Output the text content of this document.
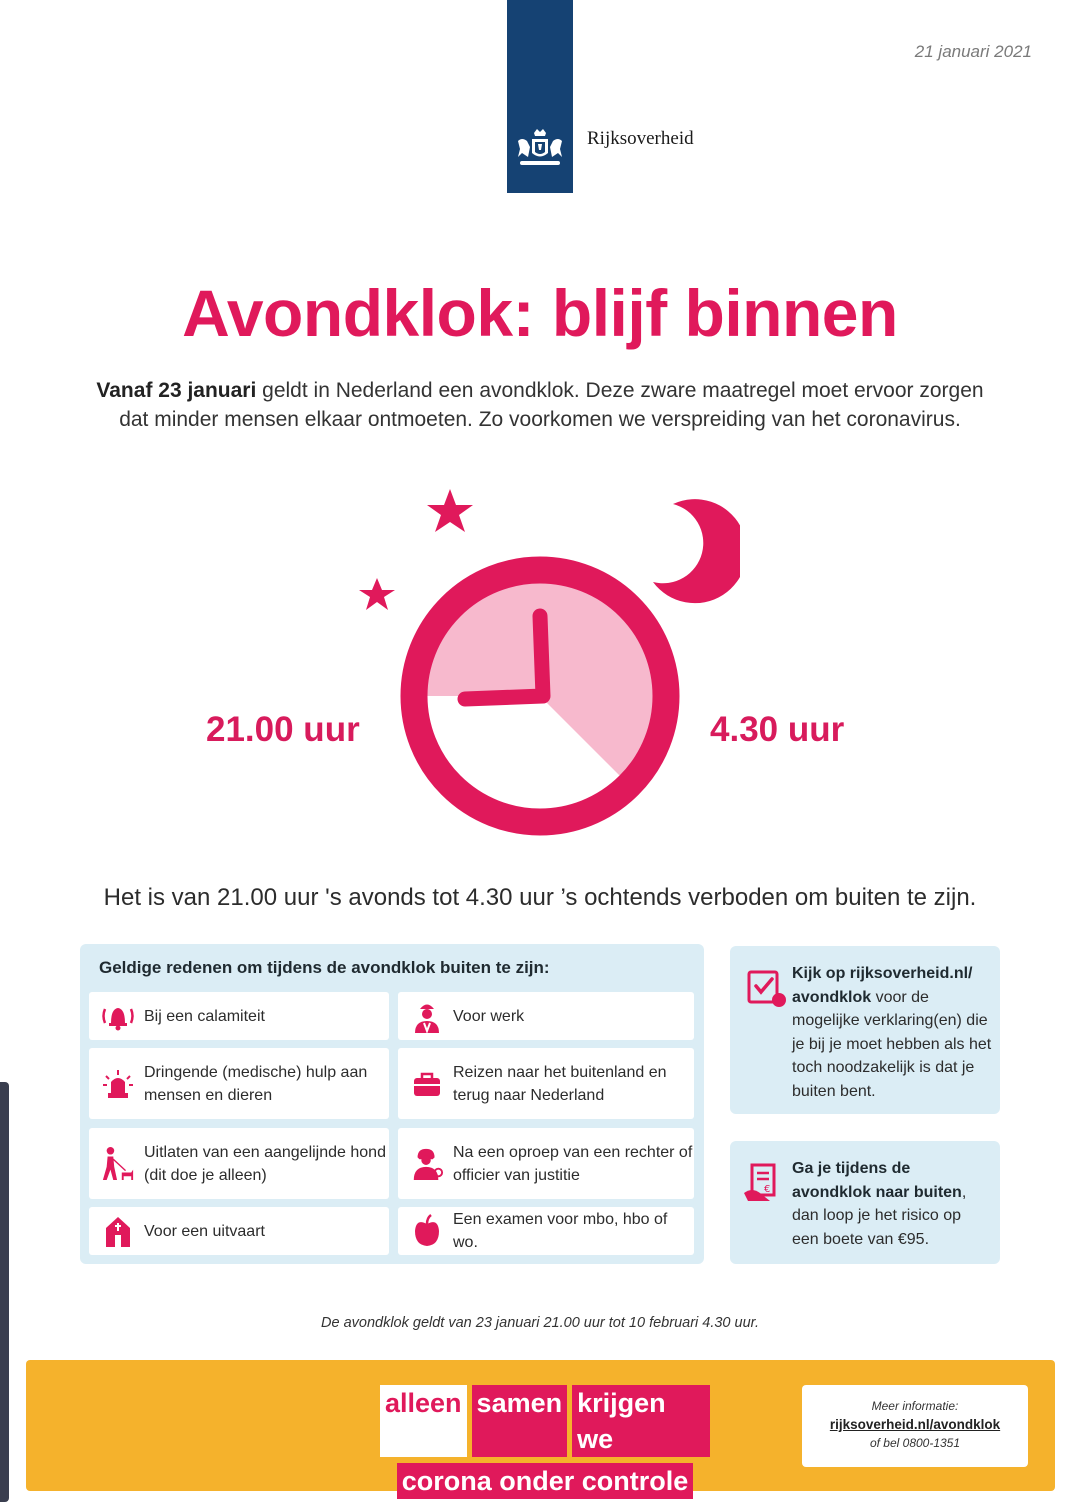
Rijksoverheid
21 januari 2021
Avondklok: blijf binnen

Vanaf 23 januari geldt in Nederland een avondklok. Deze zware maatregel moet ervoor zorgen dat minder mensen elkaar ontmoeten. Zo voorkomen we verspreiding van het coronavirus.

21.00 uur	4.30 uur

Het is van 21.00 uur 's avonds tot 4.30 uur ’s ochtends verboden om buiten te zijn.

Geldige redenen om tijdens de avondklok buiten te zijn:
Bij een calamiteit	Voor werk
Dringende (medische) hulp aan mensen en dieren
Reizen naar het buitenland en terug naar Nederland
Uitlaten van een aangelijnde hond (dit doe je alleen)
Na een oproep van een rechter of officier van justitie
Voor een uitvaart
Een examen voor mbo, hbo of wo.

Kijk op rijksoverheid.nl/ avondklok voor de mogelijke verklaring(en) die je bij je moet hebben als het toch noodzakelijk is dat je buiten bent.

€

Ga je tijdens de avondklok naar buiten, dan loop je het risico op een boete van €95.

De avondklok geldt van 23 januari 21.00 uur tot 10 februari 4.30 uur.

alleen samen krijgen we
corona onder controle
Meer informatie:
rijksoverheid.nl/avondklok
of bel 0800-1351
